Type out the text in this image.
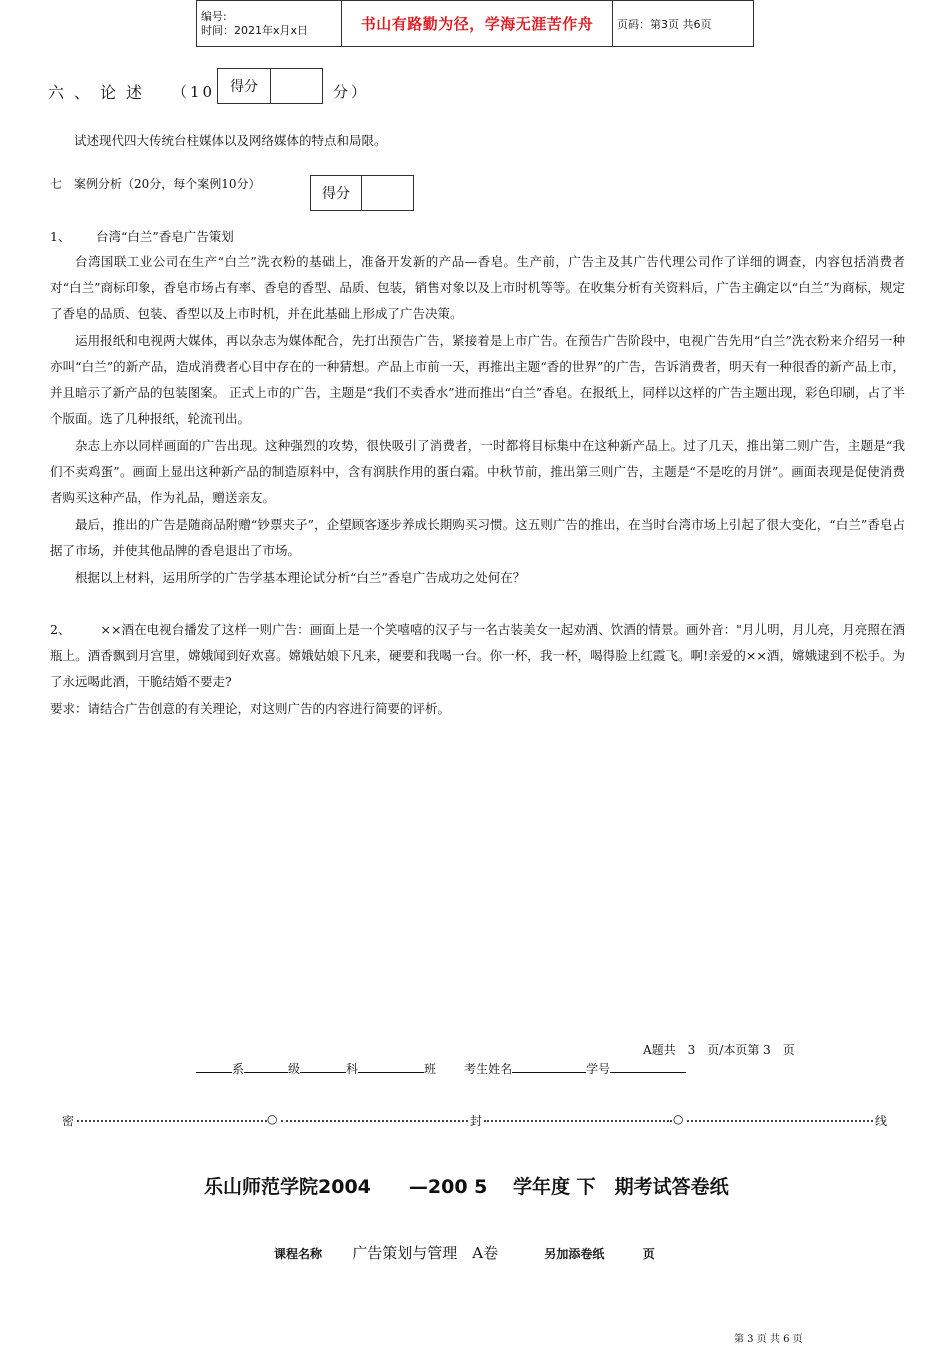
编号:
时间：2021年x月x日	书山有路勤为径，学海无涯苦作舟	页码：第3页 共6页
六、论述 （10	得分	分）
试述现代四大传统台柱媒体以及网络媒体的特点和局限。
七　案例分析（20分，每个案例10分）
得分
1、 台湾“白兰”香皂广告策划
台湾国联工业公司在生产“白兰”洗衣粉的基础上，准备开发新的产品—香皂。生产前，广告主及其广告代理公司作了详细的调查，内容包括消费者对“白兰”商标印象，香皂市场占有率、香皂的香型、品质、包装，销售对象以及上市时机等等。在收集分析有关资料后，广告主确定以“白兰”为商标，规定了香皂的品质、包装、香型以及上市时机，并在此基础上形成了广告决策。
运用报纸和电视两大媒体，再以杂志为媒体配合，先打出预告广告，紧接着是上市广告。在预告广告阶段中，电视广告先用“白兰”洗衣粉来介绍另一种亦叫“白兰”的新产品，造成消费者心目中存在的一种猜想。产品上市前一天，再推出主题“香的世界”的广告，告诉消费者，明天有一种很香的新产品上市，并且暗示了新产品的包装图案。 正式上市的广告，主题是“我们不卖香水”进而推出“白兰”香皂。在报纸上，同样以这样的广告主题出现，彩色印刷，占了半个版面。选了几种报纸，轮流刊出。
杂志上亦以同样画面的广告出现。这种强烈的攻势，很快吸引了消费者，一时都将目标集中在这种新产品上。过了几天，推出第二则广告，主题是“我们不卖鸡蛋”。画面上显出这种新产品的制造原料中，含有润肤作用的蛋白霜。中秋节前，推出第三则广告，主题是“不是吃的月饼”。画面表现是促使消费者购买这种产品，作为礼品，赠送亲友。
最后，推出的广告是随商品附赠“钞票夹子”，企望顾客逐步养成长期购买习惯。这五则广告的推出，在当时台湾市场上引起了很大变化，“白兰”香皂占据了市场，并使其他品牌的香皂退出了市场。
根据以上材料，运用所学的广告学基本理论试分析“白兰”香皂广告成功之处何在？
2、 ××酒在电视台播发了这样一则广告：画面上是一个笑嘻嘻的汉子与一名古装美女一起劝酒、饮酒的情景。画外音："月儿明，月儿亮，月亮照在酒瓶上。酒香飘到月宫里，嫦娥闻到好欢喜。嫦娥姑娘下凡来，硬要和我喝一台。你一杯，我一杯，喝得脸上红霞飞。啊!亲爱的××酒，嫦娥逮到不松手。为了永远喝此酒，干脆结婚不要走?
要求：请结合广告创意的有关理论，对这则广告的内容进行简要的评析。
A题共　3　页/本页第 3　页
系	级	科	班 考生姓名	学号
密	○	封	○	线
乐山师范学院2004　　—200 5　 学年度 下　期考试答卷纸
课程名称 广告策划与管理　A卷	另加添卷纸	页
第 3 页 共 6 页
